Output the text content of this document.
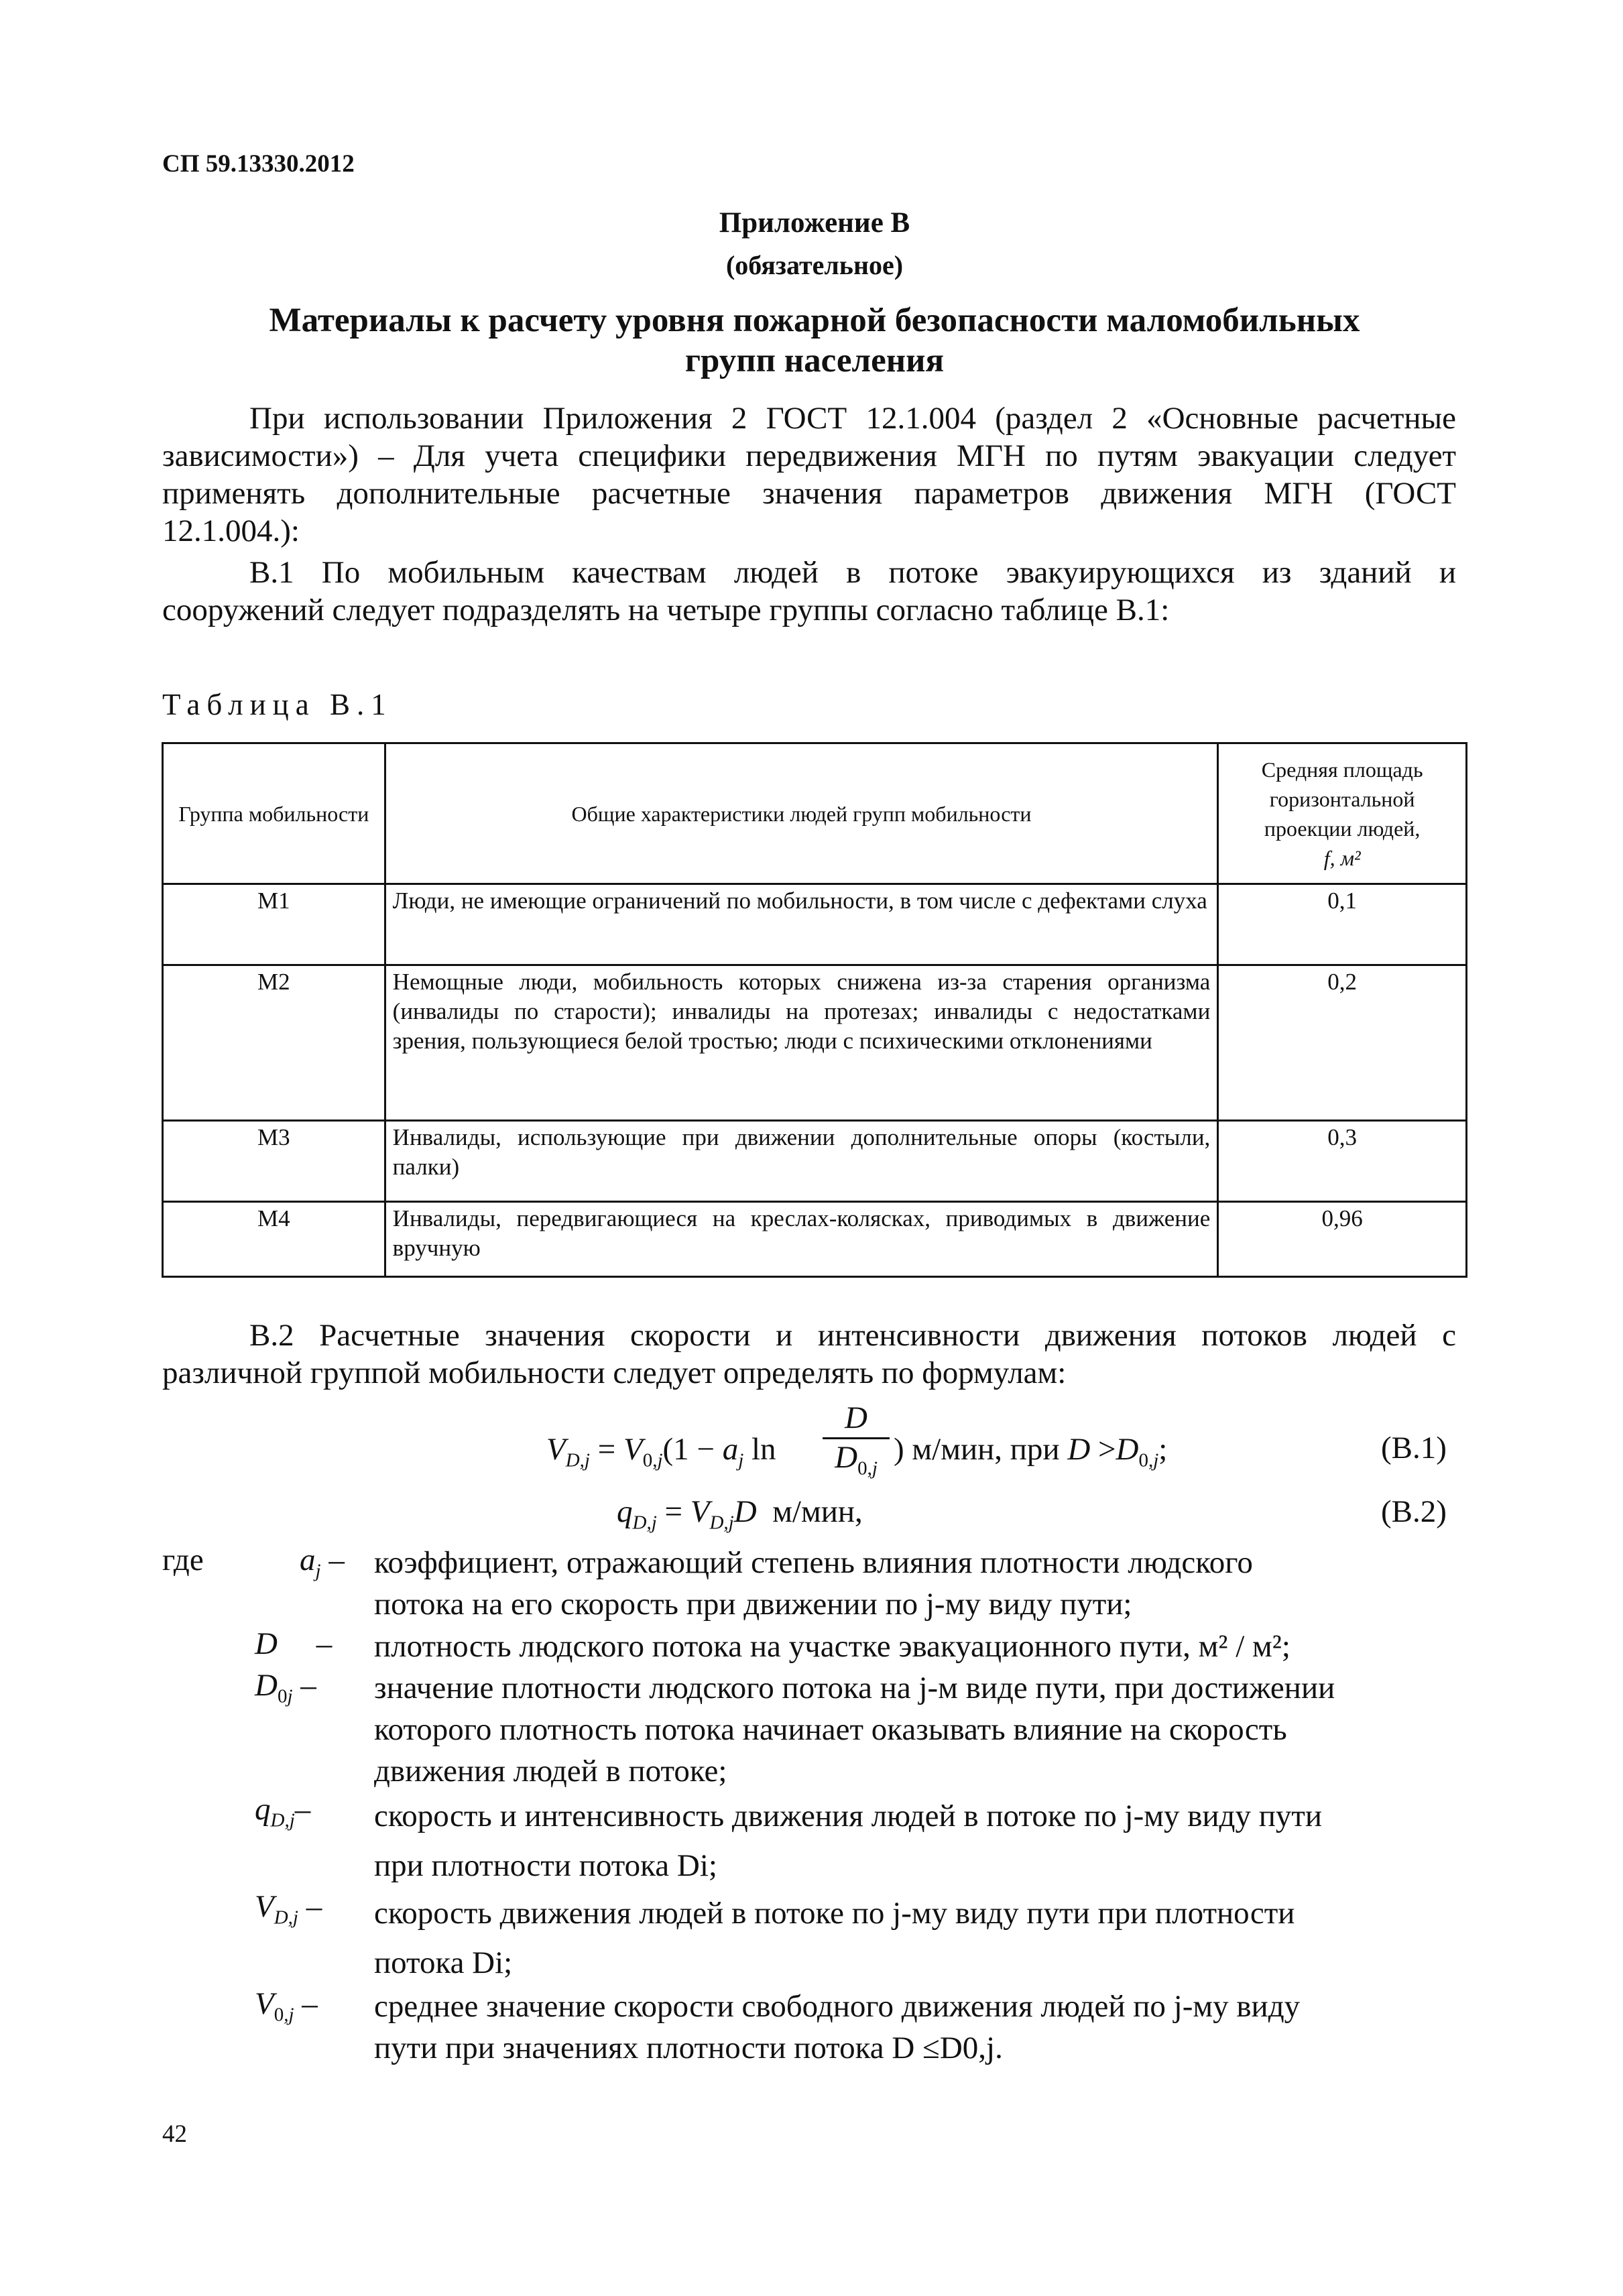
СП 59.13330.2012
Приложение В
(обязательное)
Материалы к расчету уровня пожарной безопасности маломобильных
групп населения
При использовании Приложения 2 ГОСТ 12.1.004 (раздел 2 «Основные расчетные
зависимости») – Для учета специфики передвижения МГН по путям эвакуации следует
применять дополнительные расчетные значения параметров движения МГН (ГОСТ
12.1.004.):
В.1 По мобильным качествам людей в потоке эвакуирующихся из зданий и
сооружений следует подразделять на четыре группы согласно таблице В.1:
Таблица В.1
Группа мобильности	Общие характеристики людей групп мобильности	Средняя площадь горизонтальной проекции людей,
f, м²
М1	Люди, не имеющие ограничений по мобильности, в том числе с дефектами слуха	0,1
М2	Немощные люди, мобильность которых снижена из-за старения организма (инвалиды по старости); инвалиды на протезах; инвалиды с недостатками зрения, пользующиеся белой тростью; люди с психическими отклонениями	0,2
М3	Инвалиды, использующие при движении дополнительные опоры (костыли, палки)	0,3
М4	Инвалиды, передвигающиеся на креслах-колясках, приводимых в движение вручную	0,96
В.2 Расчетные значения скорости и интенсивности движения потоков людей с
различной группой мобильности следует определять по формулам:
$V_{D,j} = V_{0,j}(1 - a_j$ ln
D
$D_{0,j}$
) м/мин, при $D >D_{0,j}$;	(В.1)
$q_{D,j} = V_{D,j}D$ м/мин,	(В.2)
где	$a_j$ – коэффициент, отражающий степень влияния плотности людского
потока на его скорость при движении по j-му виду пути;
D – плотность людского потока на участке эвакуационного пути, м² / м²;
$D_{0j}$ – значение плотности людского потока на j-м виде пути, при достижении
которого плотность потока начинает оказывать влияние на скорость
движения людей в потоке;
$q_{D,j}-$ скорость и интенсивность движения людей в потоке по j-му виду пути
при плотности потока Di;
$V_{D,j}$ – скорость движения людей в потоке по j-му виду пути при плотности
потока Di;
$V_{0,j}$ – среднее значение скорости свободного движения людей по j-му виду
пути при значениях плотности потока D ≤D0,j.
42
